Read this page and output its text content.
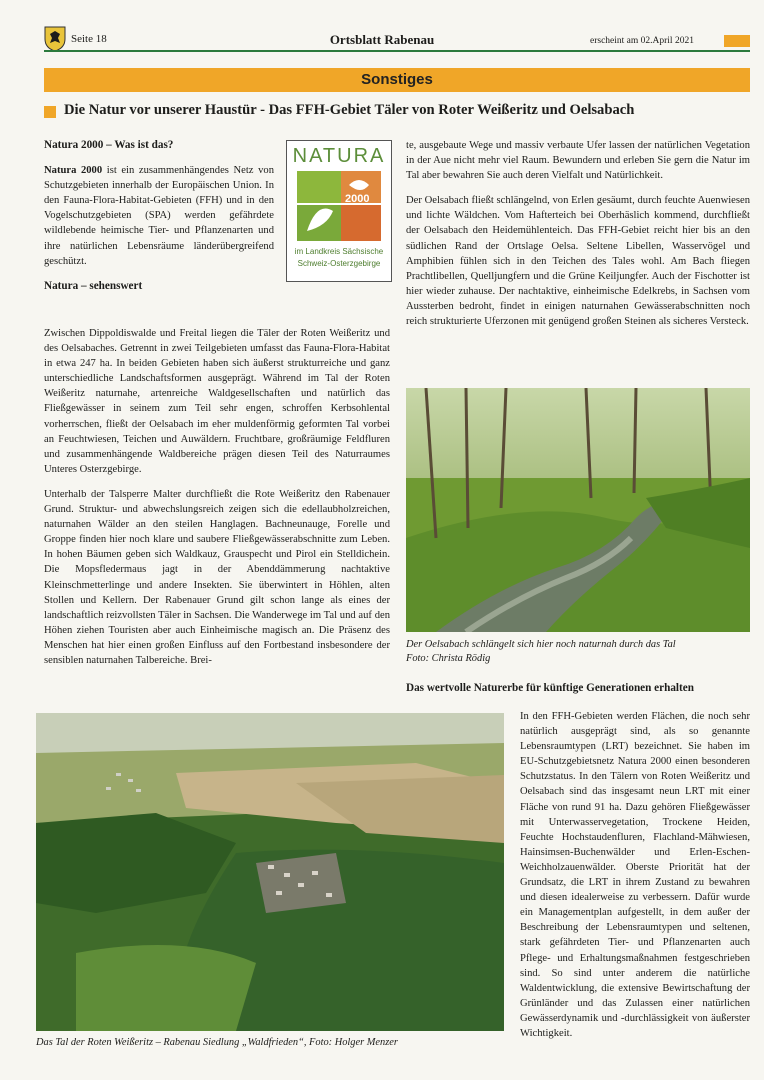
Seite 18	Ortsblatt Rabenau	erscheint am 02.April 2021
Sonstiges
Die Natur vor unserer Haustür - Das FFH-Gebiet Täler von Roter Weißeritz und Oelsabach
Natura 2000 – Was ist das?

Natura 2000 ist ein zusammenhängendes Netz von Schutzgebieten innerhalb der Europäischen Union. In den Fauna-Flora-Habitat-Gebieten (FFH) und in den Vogelschutzgebieten (SPA) werden gefährdete wildlebende heimische Tier- und Pflanzenarten und ihre natürlichen Lebensräume länderübergreifend geschützt.

Natura – sehenswert
NATURA
2000
im Landkreis Sächsische
Schweiz-Osterzgebirge

Zwischen Dippoldiswalde und Freital liegen die Täler der Roten Weißeritz und des Oelsabaches. Getrennt in zwei Teilgebieten umfasst das Fauna-Flora-Habitat in etwa 247 ha. In beiden Gebieten haben sich äußerst strukturreiche und ganz unterschiedliche Landschaftsformen ausgeprägt. Während im Tal der Roten Weißeritz naturnahe, artenreiche Waldgesellschaften und natürlich das Fließgewässer in seinem zum Teil sehr engen, schroffen Kerbsohlental vorherrschen, fließt der Oelsabach im eher muldenförmig geformten Tal vorbei an Feuchtwiesen, Teichen und Auwäldern. Fruchtbare, großräumige Feldfluren und zusammenhängende Waldbereiche prägen diesen Teil des Naturraumes Unteres Osterzgebirge.

Unterhalb der Talsperre Malter durchfließt die Rote Weißeritz den Rabenauer Grund. Struktur- und abwechslungsreich zeigen sich die edellaubholzreichen, naturnahen Wälder an den steilen Hanglagen. Bachneunauge, Forelle und Groppe finden hier noch klare und saubere Fließgewässerabschnitte zum Leben. In hohen Bäumen geben sich Waldkauz, Grauspecht und Pirol ein Stelldichein. Die Mopsfledermaus jagt in der Abenddämmerung nachtaktive Kleinschmetterlinge und andere Insekten. Sie überwintert in Höhlen, alten Stollen und Kellern. Der Rabenauer Grund gilt schon lange als eines der landschaftlich reizvollsten Täler in Sachsen. Die Wanderwege im Tal und auf den Höhen ziehen Touristen aber auch Einheimische magisch an. Die Präsenz des Menschen hat hier einen großen Einfluss auf den Fortbestand insbesondere der sensiblen naturnahen Talbereiche. Brei-

te, ausgebaute Wege und massiv verbaute Ufer lassen der natürlichen Vegetation in der Aue nicht mehr viel Raum. Bewundern und erleben Sie gern die Natur im Tal aber bewahren Sie auch deren Vielfalt und Natürlichkeit.

Der Oelsabach fließt schlängelnd, von Erlen gesäumt, durch feuchte Auenwiesen und lichte Wäldchen. Vom Hafterteich bei Oberhäslich kommend, durchfließt der Oelsabach den Heidemühlenteich. Das FFH-Gebiet reicht hier bis an den südlichen Rand der Ortslage Oelsa. Seltene Libellen, Wasservögel und Amphibien fühlen sich in den Teichen des Tales wohl. Am Bach fliegen Prachtlibellen, Quelljungfern und die Grüne Keiljungfer. Auch der Fischotter ist hier wieder zuhause. Der nachtaktive, einheimische Edelkrebs, in Sachsen vom Aussterben bedroht, findet in einigen naturnahen Gewässerabschnitten noch reich strukturierte Uferzonen mit genügend großen Steinen als sicheres Versteck.

Der Oelsabach schlängelt sich hier noch naturnah durch das Tal
Foto: Christa Rödig
Das wertvolle Naturerbe für künftige Generationen erhalten

In den FFH-Gebieten werden Flächen, die noch sehr natürlich ausgeprägt sind, als so genannte Lebensraumtypen (LRT) bezeichnet. Sie haben im EU-Schutzgebietsnetz Natura 2000 einen besonderen Schutzstatus. In den Tälern von Roten Weißeritz und Oelsabach sind das insgesamt neun LRT mit einer Fläche von rund 91 ha. Dazu gehören Fließgewässer mit Unterwasservegetation, Trockene Heiden, Feuchte Hochstaudenfluren, Flachland-Mähwiesen, Hainsimsen-Buchenwälder und Erlen-Eschen-Weichholzauenwälder. Oberste Priorität hat der Grundsatz, die LRT in ihrem Zustand zu bewahren und diesen idealerweise zu verbessern. Dafür wurde ein Managementplan aufgestellt, in dem außer der Beschreibung der Lebensraumtypen und seltenen, stark gefährdeten Tier- und Pflanzenarten auch Pflege- und Erhaltungsmaßnahmen festgeschrieben sind. So sind unter anderem die natürliche Waldentwicklung, die extensive Bewirtschaftung der Grünländer und das Zulassen einer natürlichen Gewässerdynamik und -durchlässigkeit von äußerster Wichtigkeit.

Das Tal der Roten Weißeritz – Rabenau Siedlung „Waldfrieden“, Foto: Holger Menzer
